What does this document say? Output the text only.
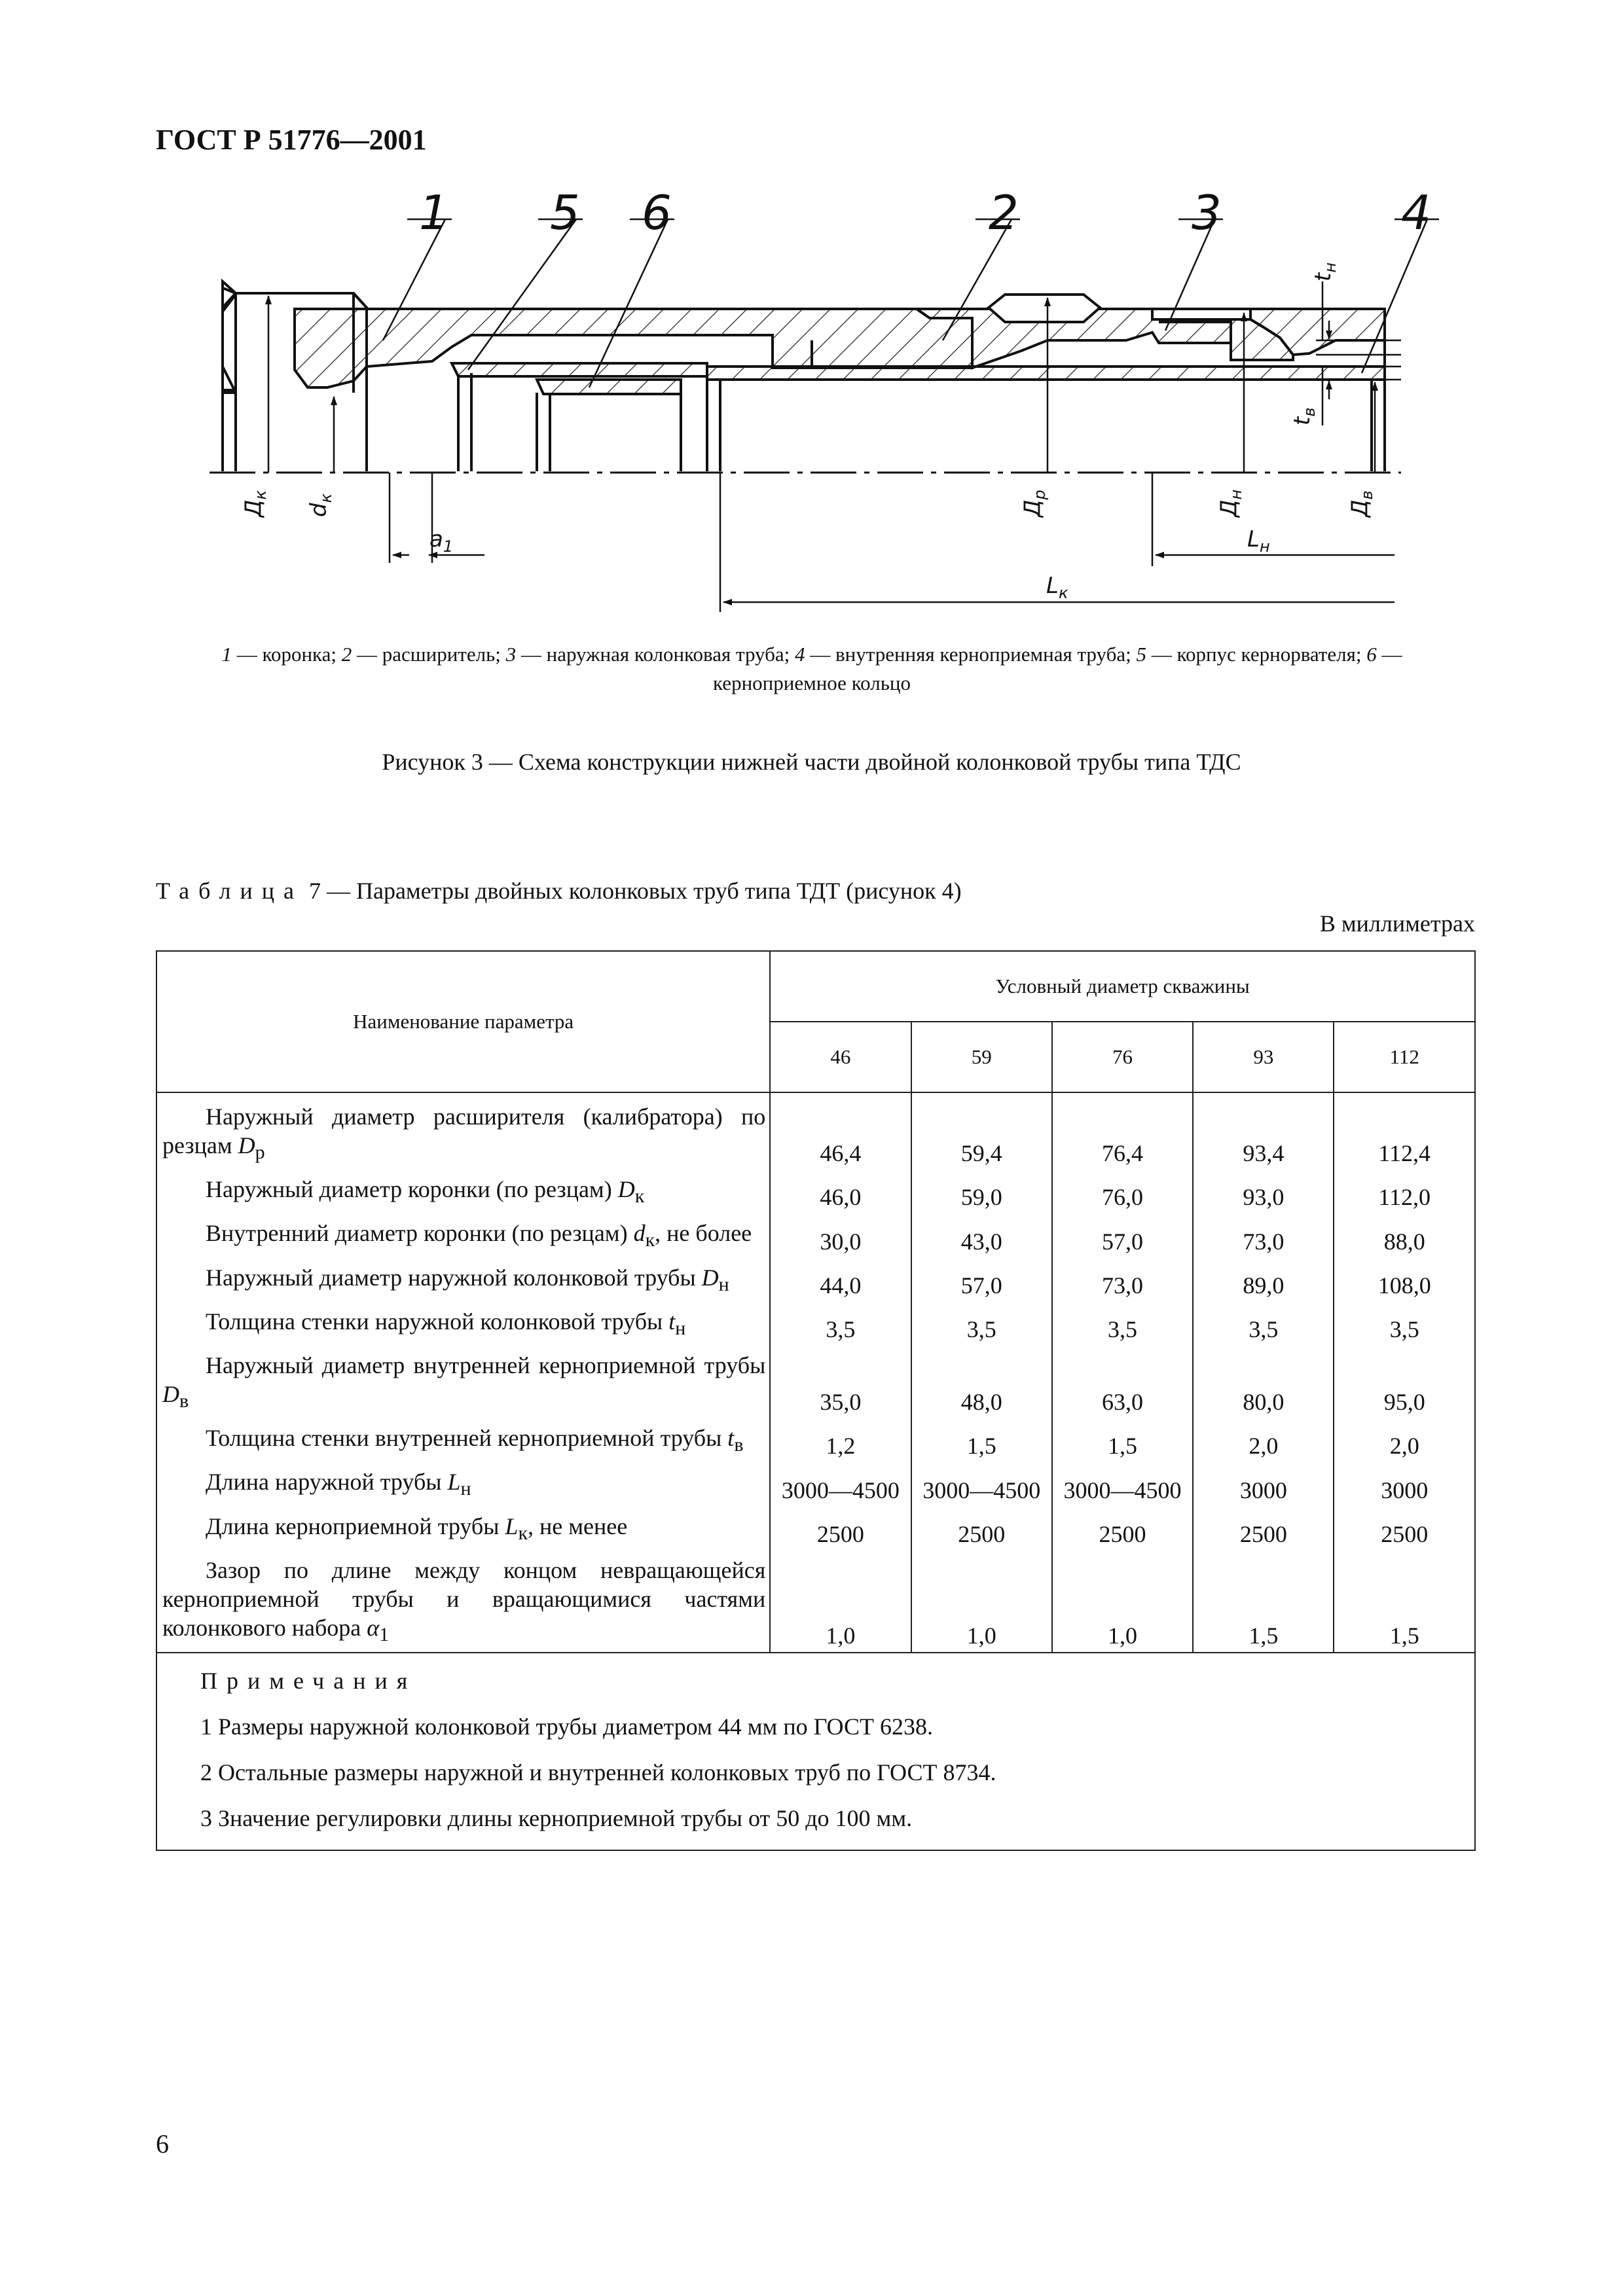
ГОСТ Р 51776—2001
1 5 6	2	3	4
$Д_к$
$d_к$
$a_1$
$Д_р$
$Д_н$
$L_н$
$Д_в$
$L_к$
$t_н$
$t_в$
1 — коронка; 2 — расширитель; 3 — наружная колонковая труба; 4 — внутренняя керноприемная труба; 5 — корпус кернорвателя; 6 — керноприемное кольцо
Рисунок 3 — Схема конструкции нижней части двойной колонковой трубы типа ТДС
Таблица 7 — Параметры двойных колонковых труб типа ТДТ (рисунок 4)
В миллиметрах
Наименование параметра	Условный диаметр скважины				
	46	59	76	93	112

Наружный диаметр расширителя (калибратора) по резцам $D_р$	46,4	59,4	76,4	93,4	112,4

Наружный диаметр коронки (по резцам) $D_к$	46,0	59,0	76,0	93,0	112,0

Внутренний диаметр коронки (по резцам) $d_к$, не более	30,0	43,0	57,0	73,0	88,0

Наружный диаметр наружной колонковой трубы $D_н$	44,0	57,0	73,0	89,0	108,0

Толщина стенки наружной колонковой трубы $t_н$	3,5	3,5	3,5	3,5	3,5

Наружный диаметр внутренней керноприемной трубы $D_в$	35,0	48,0	63,0	80,0	95,0

Толщина стенки внутренней керноприемной трубы $t_в$	1,2	1,5	1,5	2,0	2,0

Длина наружной трубы $L_н$	3000—4500	3000—4500	3000—4500	3000	3000

Длина керноприемной трубы $L_к$, не менее	2500	2500	2500	2500	2500

Зазор по длине между концом невращающейся керноприемной трубы и вращающимися частями колонкового набора $\alpha_1$	1,0	1,0	1,0	1,5	1,5

Примечания
1 Размеры наружной колонковой трубы диаметром 44 мм по ГОСТ 6238.
2 Остальные размеры наружной и внутренней колонковых труб по ГОСТ 8734.
3 Значение регулировки длины керноприемной трубы от 50 до 100 мм.					
6
